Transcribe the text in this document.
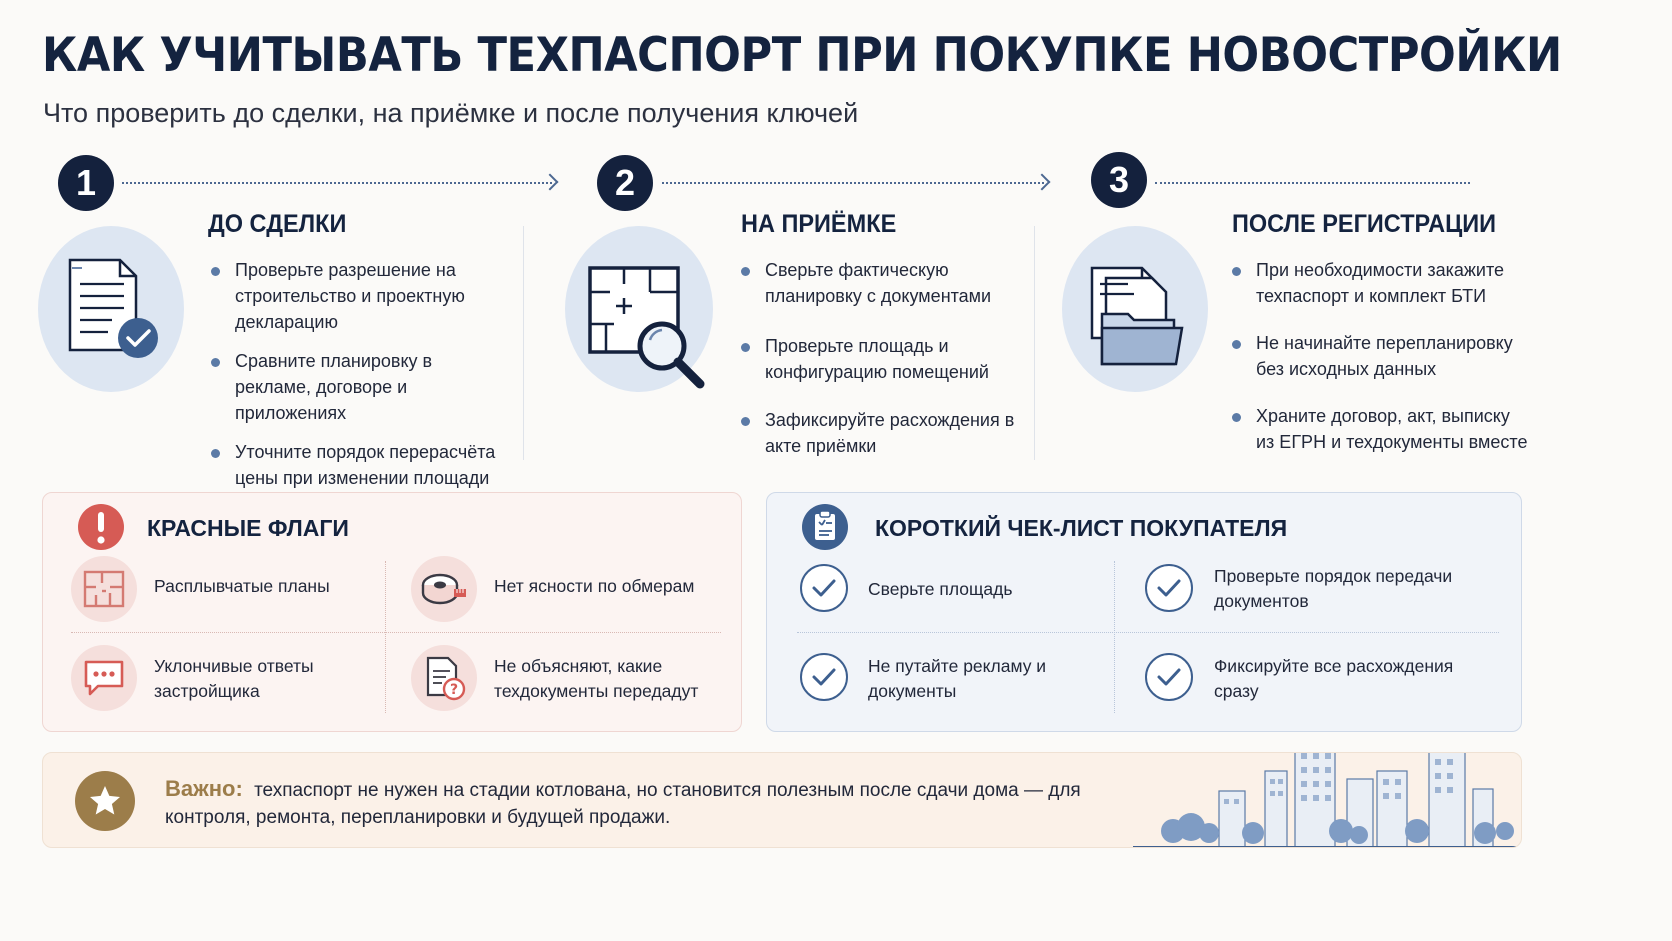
КАК УЧИТЫВАТЬ ТЕХПАСПОРТ ПРИ ПОКУПКЕ НОВОСТРОЙКИ
Что проверить до сделки, на приёмке и после получения ключей
1
ДО СДЕЛКИ
Проверьте разрешение на строительство и проектную декларацию
Сравните планировку в рекламе, договоре и приложениях
Уточните порядок перерасчёта цены при изменении площади
2
НА ПРИЁМКЕ
Сверьте фактическую планировку с документами
Проверьте площадь и конфигурацию помещений
Зафиксируйте расхождения в акте приёмки
3
ПОСЛЕ РЕГИСТРАЦИИ
При необходимости закажите техпаспорт и комплект БТИ
Не начинайте перепланировку без исходных данных
Храните договор, акт, выписку из ЕГРН и техдокументы вместе
КРАСНЫЕ ФЛАГИ
Расплывчатые планы	Нет ясности по обмерам
Уклончивые ответы застройщика	?
Не объясняют, какие техдокументы передадут
КОРОТКИЙ ЧЕК-ЛИСТ ПОКУПАТЕЛЯ
Сверьте площадь
Проверьте порядок передачи документов
Не путайте рекламу и документы
Фиксируйте все расхождения сразу
Важно: техпаспорт не нужен на стадии котлована, но становится полезным после сдачи дома — для контроля, ремонта, перепланировки и будущей продажи.
